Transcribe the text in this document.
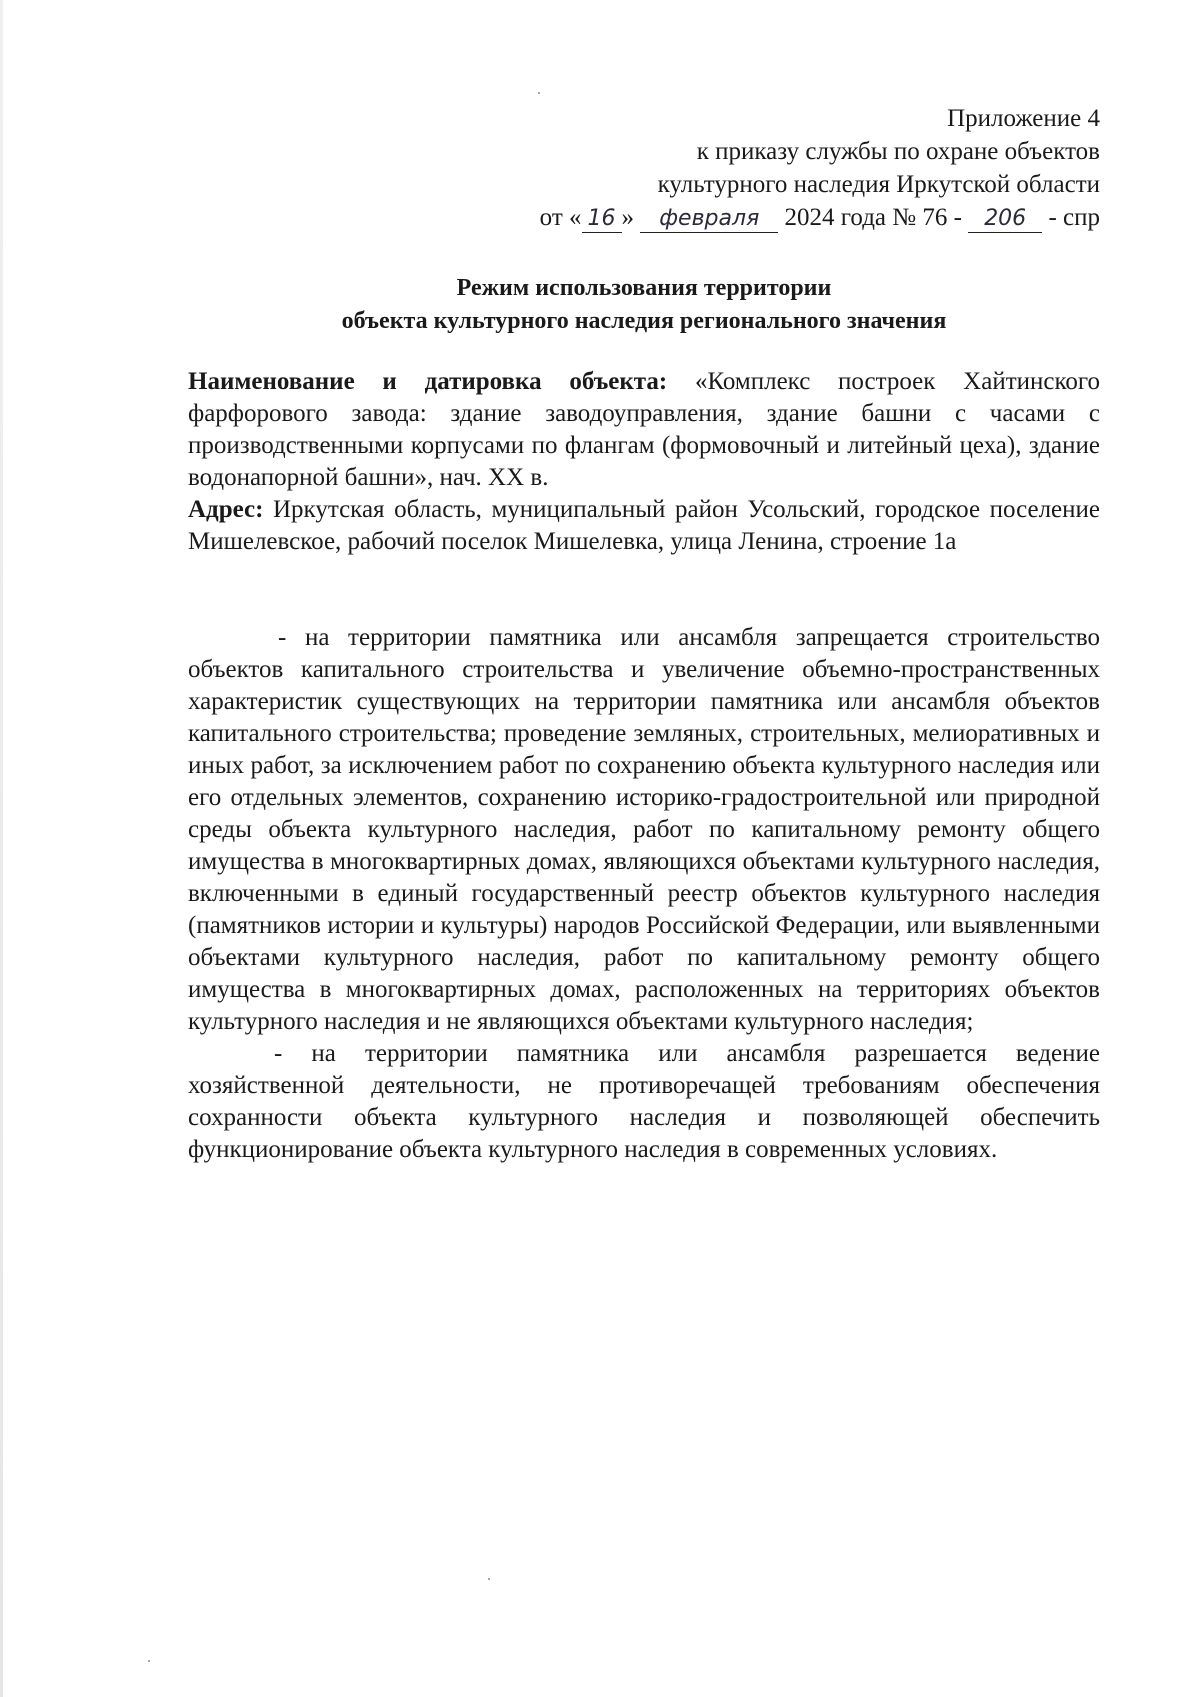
Приложение 4
к приказу службы по охране объектов
культурного наследия Иркутской области
от « 16 » февраля 2024 года № 76 - 206 - спр
Режим использования территории
объекта культурного наследия регионального значения

Наименование и датировка объекта: «Комплекс построек Хайтинского фарфорового завода: здание заводоуправления, здание башни с часами с производственными корпусами по флангам (формовочный и литейный цеха), здание водонапорной башни», нач. XX в.

Адрес: Иркутская область, муниципальный район Усольский, городское поселение Мишелевское, рабочий поселок Мишелевка, улица Ленина, строение 1а

- на территории памятника или ансамбля запрещается строительство объектов капитального строительства и увеличение объемно-пространственных характеристик существующих на территории памятника или ансамбля объектов капитального строительства; проведение земляных, строительных, мелиоративных и иных работ, за исключением работ по сохранению объекта культурного наследия или его отдельных элементов, сохранению историко-градостроительной или природной среды объекта культурного наследия, работ по капитальному ремонту общего имущества в многоквартирных домах, являющихся объектами культурного наследия, включенными в единый государственный реестр объектов культурного наследия (памятников истории и культуры) народов Российской Федерации, или выявленными объектами культурного наследия, работ по капитальному ремонту общего имущества в многоквартирных домах, расположенных на территориях объектов культурного наследия и не являющихся объектами культурного наследия;

- на территории памятника или ансамбля разрешается ведение хозяйственной деятельности, не противоречащей требованиям обеспечения сохранности объекта культурного наследия и позволяющей обеспечить функционирование объекта культурного наследия в современных условиях.
